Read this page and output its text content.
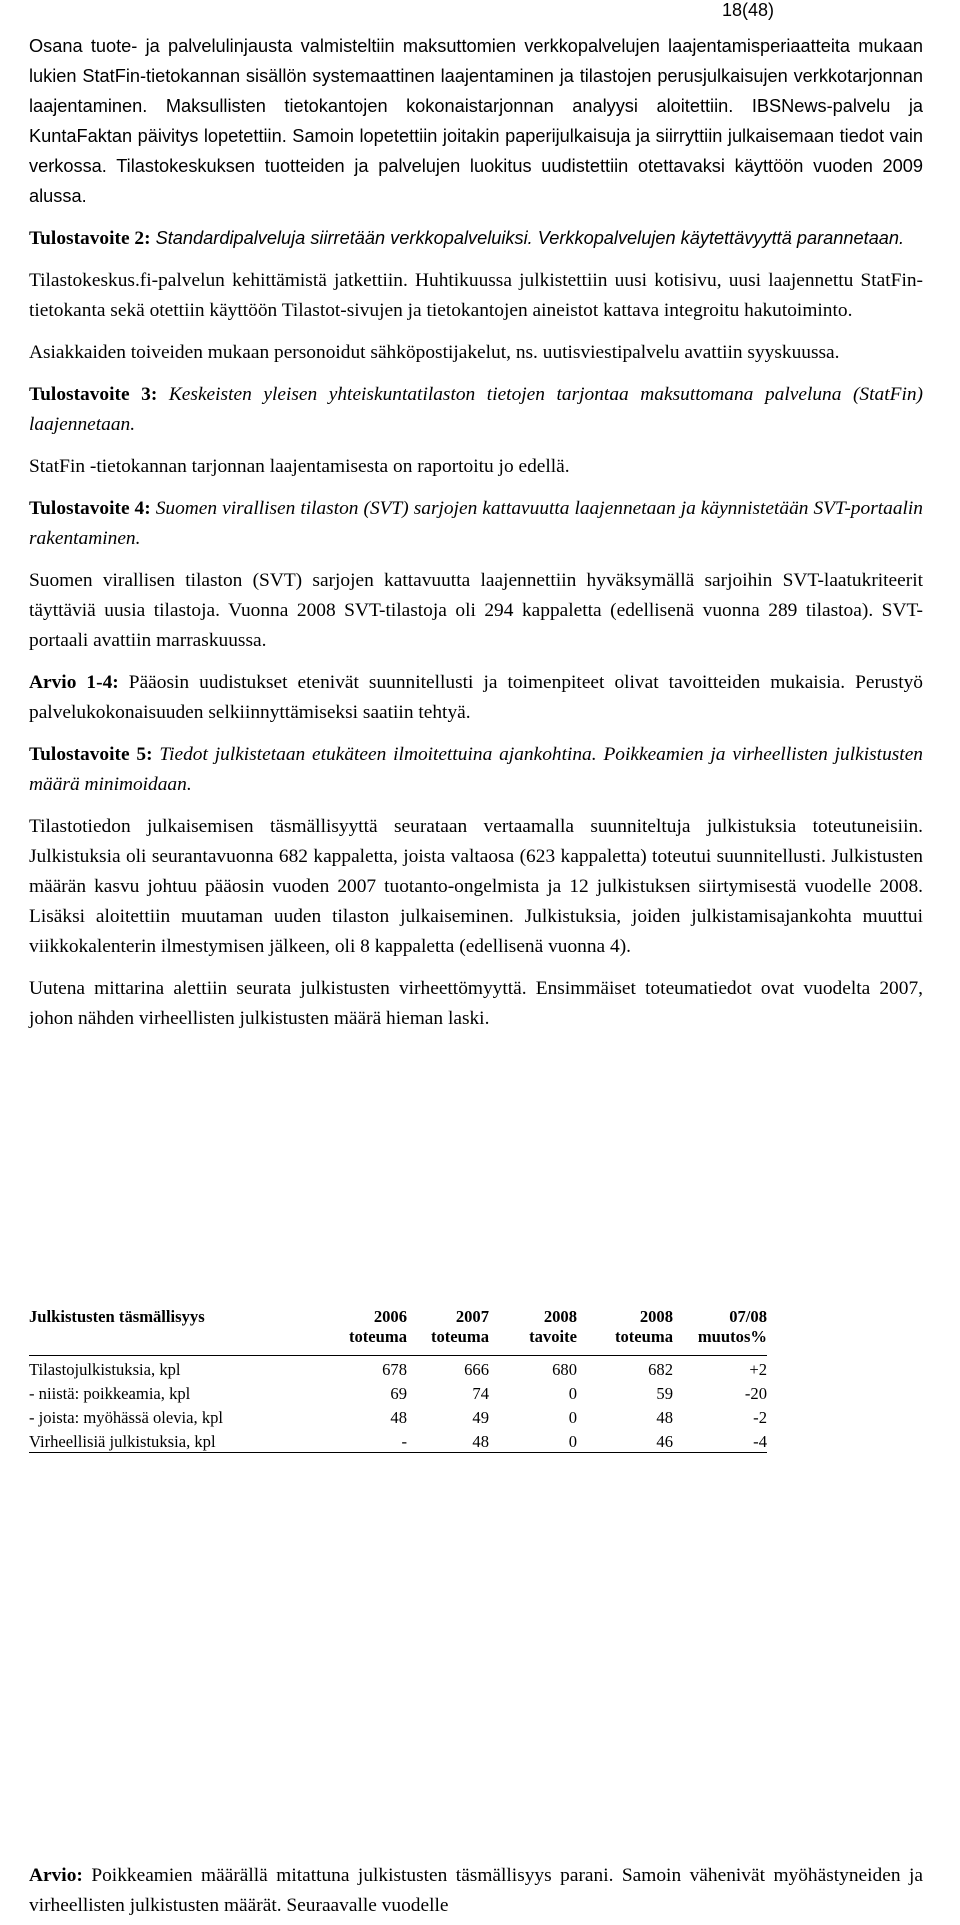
18(48)

Osana tuote- ja palvelulinjausta valmisteltiin maksuttomien verkkopalvelujen laajentamisperiaatteita mukaan lukien StatFin-tietokannan sisällön systemaattinen laajentaminen ja tilastojen perusjulkaisujen verkkotarjonnan laajentaminen. Maksullisten tietokantojen kokonaistarjonnan analyysi aloitettiin. IBSNews-palvelu ja KuntaFaktan päivitys lopetettiin. Samoin lopetettiin joitakin paperijulkaisuja ja siirryttiin julkaisemaan tiedot vain verkossa. Tilastokeskuksen tuotteiden ja palvelujen luokitus uudistettiin otettavaksi käyttöön vuoden 2009 alussa.

Tulostavoite 2: Standardipalveluja siirretään verkkopalveluiksi. Verkkopalvelujen käytettävyyttä parannetaan.

Tilastokeskus.fi-palvelun kehittämistä jatkettiin. Huhtikuussa julkistettiin uusi kotisivu, uusi laajennettu StatFin-tietokanta sekä otettiin käyttöön Tilastot-sivujen ja tietokantojen aineistot kattava integroitu hakutoiminto.

Asiakkaiden toiveiden mukaan personoidut sähköpostijakelut, ns. uutisviestipalvelu avattiin syyskuussa.

Tulostavoite 3: Keskeisten yleisen yhteiskuntatilaston tietojen tarjontaa maksuttomana palveluna (StatFin) laajennetaan.

StatFin -tietokannan tarjonnan laajentamisesta on raportoitu jo edellä.

Tulostavoite 4: Suomen virallisen tilaston (SVT) sarjojen kattavuutta laajennetaan ja käynnistetään SVT-portaalin rakentaminen.

Suomen virallisen tilaston (SVT) sarjojen kattavuutta laajennettiin hyväksymällä sarjoihin SVT-laatukriteerit täyttäviä uusia tilastoja. Vuonna 2008 SVT-tilastoja oli 294 kappaletta (edellisenä vuonna 289 tilastoa). SVT-portaali avattiin marraskuussa.

Arvio 1-4: Pääosin uudistukset etenivät suunnitellusti ja toimenpiteet olivat tavoitteiden mukaisia. Perustyö palvelukokonaisuuden selkiinnyttämiseksi saatiin tehtyä.

Tulostavoite 5: Tiedot julkistetaan etukäteen ilmoitettuina ajankohtina. Poikkeamien ja virheellisten julkistusten määrä minimoidaan.

Tilastotiedon julkaisemisen täsmällisyyttä seurataan vertaamalla suunniteltuja julkistuksia toteutuneisiin. Julkistuksia oli seurantavuonna 682 kappaletta, joista valtaosa (623 kappaletta) toteutui suunnitellusti. Julkistusten määrän kasvu johtuu pääosin vuoden 2007 tuotanto-ongelmista ja 12 julkistuksen siirtymisestä vuodelle 2008. Lisäksi aloitettiin muutaman uuden tilaston julkaiseminen. Julkistuksia, joiden julkistamisajankohta muuttui viikkokalenterin ilmestymisen jälkeen, oli 8 kappaletta (edellisenä vuonna 4).

Uutena mittarina alettiin seurata julkistusten virheettömyyttä. Ensimmäiset toteumatiedot ovat vuodelta 2007, johon nähden virheellisten julkistusten määrä hieman laski.

Julkistusten täsmällisyys	2006	2007	2008	2008	07/08
	toteuma	toteuma	tavoite	toteuma	muutos%
Tilastojulkistuksia, kpl	678	666	680	682	+2
- niistä: poikkeamia, kpl	69	74	0	59	-20
- joista: myöhässä olevia, kpl	48	49	0	48	-2
Virheellisiä julkistuksia, kpl	-	48	0	46	-4

Arvio: Poikkeamien määrällä mitattuna julkistusten täsmällisyys parani. Samoin vähenivät myöhästyneiden ja virheellisten julkistusten määrät. Seuraavalle vuodelle
